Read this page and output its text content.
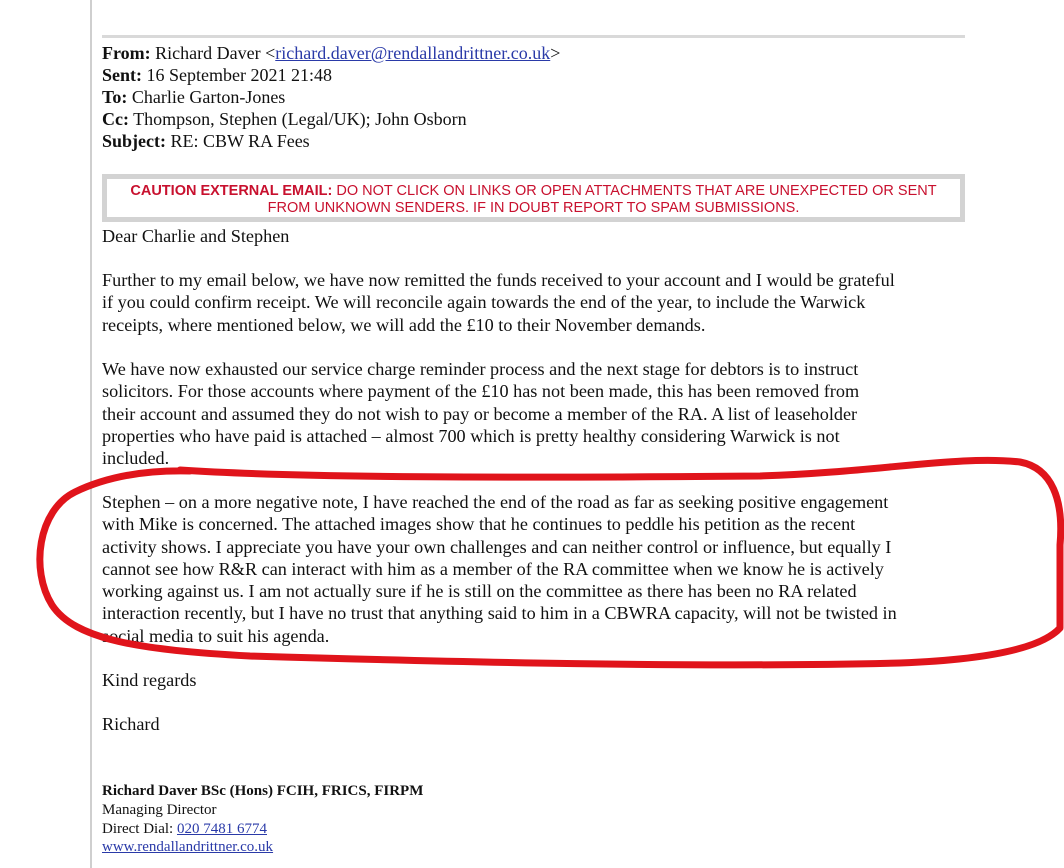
From: Richard Daver <richard.daver@rendallandrittner.co.uk>
Sent: 16 September 2021 21:48
To: Charlie Garton-Jones
Cc: Thompson, Stephen (Legal/UK); John Osborn
Subject: RE: CBW RA Fees
CAUTION EXTERNAL EMAIL: DO NOT CLICK ON LINKS OR OPEN ATTACHMENTS THAT ARE UNEXPECTED OR SENT
FROM UNKNOWN SENDERS. IF IN DOUBT REPORT TO SPAM SUBMISSIONS.
Dear Charlie and Stephen
Further to my email below, we have now remitted the funds received to your account and I would be grateful
if you could confirm receipt. We will reconcile again towards the end of the year, to include the Warwick
receipts, where mentioned below, we will add the £10 to their November demands.
We have now exhausted our service charge reminder process and the next stage for debtors is to instruct
solicitors. For those accounts where payment of the £10 has not been made, this has been removed from
their account and assumed they do not wish to pay or become a member of the RA. A list of leaseholder
properties who have paid is attached – almost 700 which is pretty healthy considering Warwick is not
included.
Stephen – on a more negative note, I have reached the end of the road as far as seeking positive engagement
with Mike is concerned. The attached images show that he continues to peddle his petition as the recent
activity shows. I appreciate you have your own challenges and can neither control or influence, but equally I
cannot see how R&R can interact with him as a member of the RA committee when we know he is actively
working against us. I am not actually sure if he is still on the committee as there has been no RA related
interaction recently, but I have no trust that anything said to him in a CBWRA capacity, will not be twisted in
social media to suit his agenda.
Kind regards
Richard
Richard Daver BSc (Hons) FCIH, FRICS, FIRPM
Managing Director
Direct Dial: 020 7481 6774
www.rendallandrittner.co.uk
